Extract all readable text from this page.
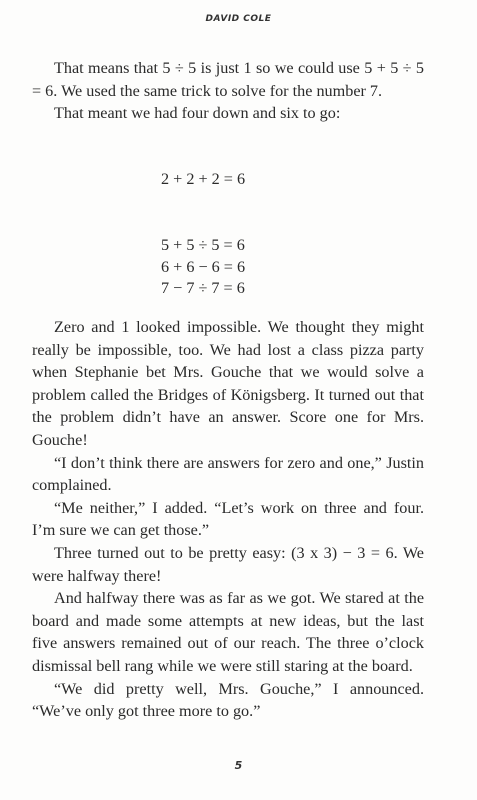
DAVID COLE

That means that 5 ÷ 5 is just 1 so we could use 5 + 5 ÷ 5 = 6. We used the same trick to solve for the number 7.

That meant we had four down and six to go:

2 + 2 + 2 = 6
5 + 5 ÷ 5 = 6
6 + 6 − 6 = 6
7 − 7 ÷ 7 = 6

Zero and 1 looked impossible. We thought they might really be impossible, too. We had lost a class pizza party when Stephanie bet Mrs. Gouche that we would solve a problem called the Bridges of Königsberg. It turned out that the problem didn’t have an answer. Score one for Mrs. Gouche!

“I don’t think there are answers for zero and one,” Justin complained.

“Me neither,” I added. “Let’s work on three and four. I’m sure we can get those.”

Three turned out to be pretty easy: (3 x 3) − 3 = 6. We were halfway there!

And halfway there was as far as we got. We stared at the board and made some attempts at new ideas, but the last five answers remained out of our reach. The three o’clock dismissal bell rang while we were still staring at the board.

“We did pretty well, Mrs. Gouche,” I announced. “We’ve only got three more to go.”

5
